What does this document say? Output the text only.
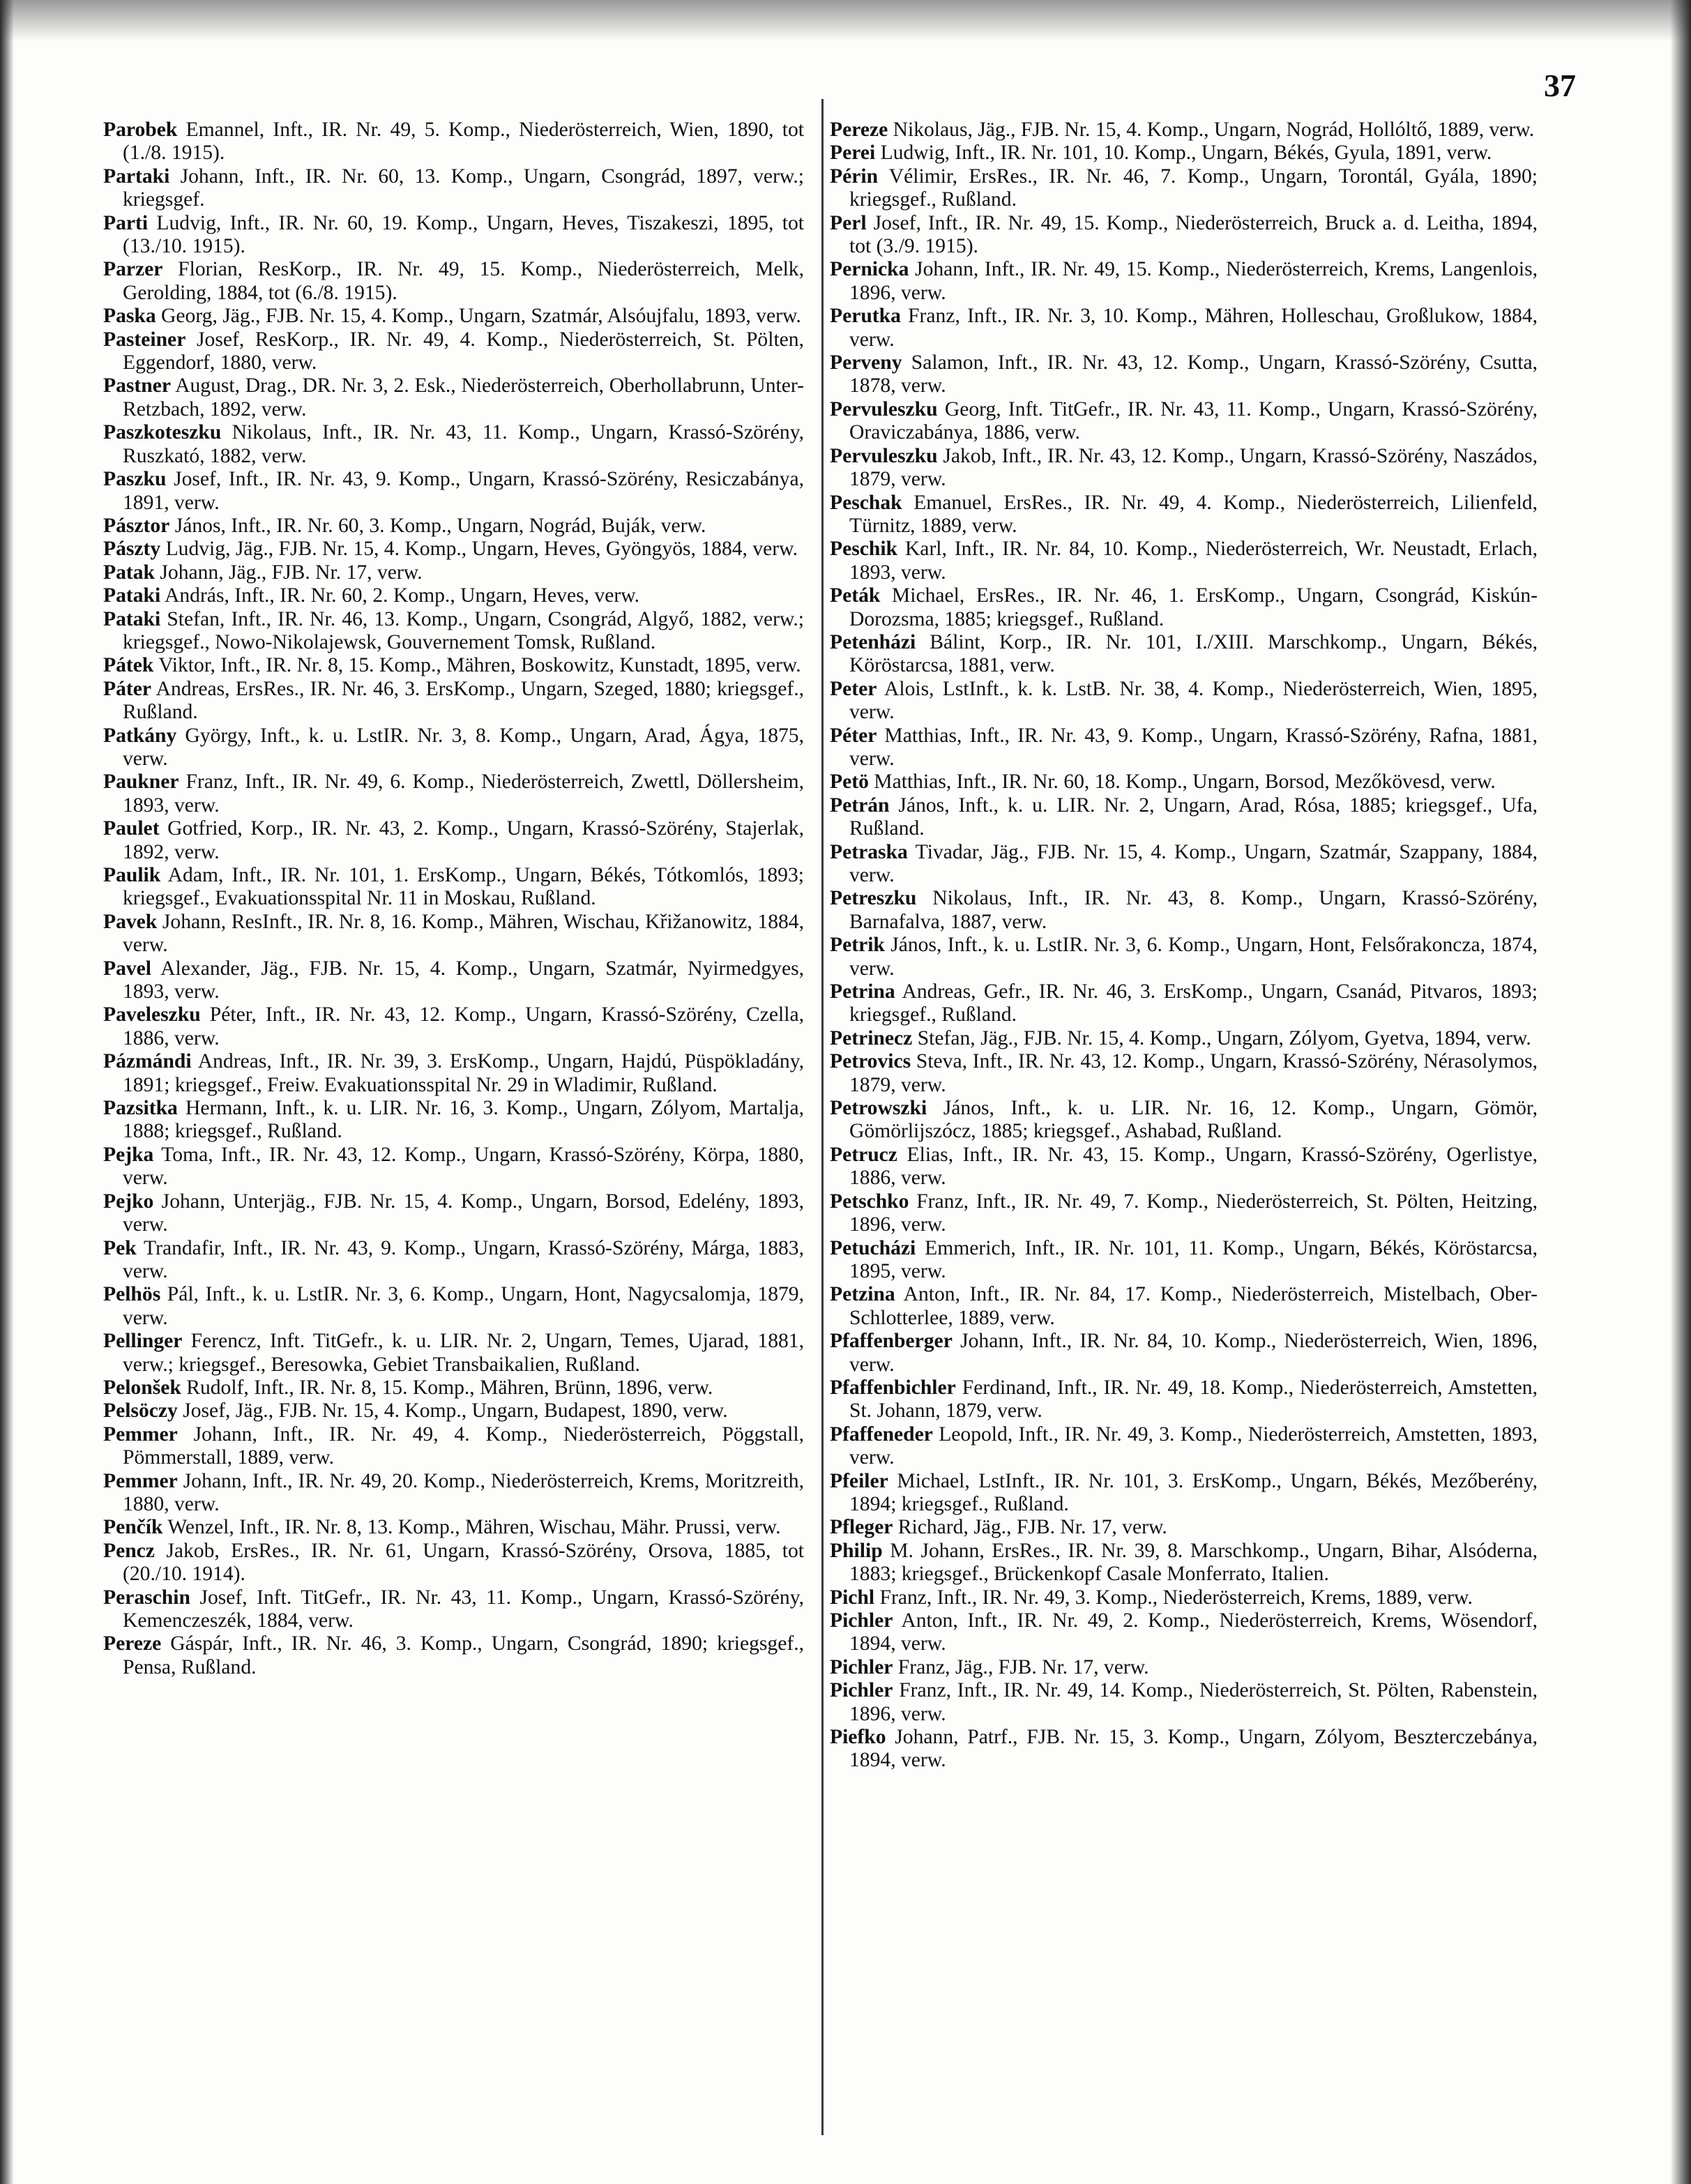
37

Parobek Emannel, Inft., IR. Nr. 49, 5. Komp., Niederösterreich, Wien, 1890, tot (1./8. 1915).

Partaki Johann, Inft., IR. Nr. 60, 13. Komp., Ungarn, Csongrád, 1897, verw.; kriegsgef.

Parti Ludvig, Inft., IR. Nr. 60, 19. Komp., Ungarn, Heves, Tiszakeszi, 1895, tot (13./10. 1915).

Parzer Florian, ResKorp., IR. Nr. 49, 15. Komp., Niederösterreich, Melk, Gerolding, 1884, tot (6./8. 1915).

Paska Georg, Jäg., FJB. Nr. 15, 4. Komp., Ungarn, Szatmár, Alsóujfalu, 1893, verw.

Pasteiner Josef, ResKorp., IR. Nr. 49, 4. Komp., Niederösterreich, St. Pölten, Eggendorf, 1880, verw.

Pastner August, Drag., DR. Nr. 3, 2. Esk., Niederösterreich, Oberhollabrunn, Unter-Retzbach, 1892, verw.

Paszkoteszku Nikolaus, Inft., IR. Nr. 43, 11. Komp., Ungarn, Krassó-Szörény, Ruszkató, 1882, verw.

Paszku Josef, Inft., IR. Nr. 43, 9. Komp., Ungarn, Krassó-Szörény, Resiczabánya, 1891, verw.

Pásztor János, Inft., IR. Nr. 60, 3. Komp., Ungarn, Nográd, Buják, verw.

Pászty Ludvig, Jäg., FJB. Nr. 15, 4. Komp., Ungarn, Heves, Gyöngyös, 1884, verw.

Patak Johann, Jäg., FJB. Nr. 17, verw.

Pataki András, Inft., IR. Nr. 60, 2. Komp., Ungarn, Heves, verw.

Pataki Stefan, Inft., IR. Nr. 46, 13. Komp., Ungarn, Csongrád, Algyő, 1882, verw.; kriegsgef., Nowo-Nikolajewsk, Gouvernement Tomsk, Rußland.

Pátek Viktor, Inft., IR. Nr. 8, 15. Komp., Mähren, Boskowitz, Kunstadt, 1895, verw.

Páter Andreas, ErsRes., IR. Nr. 46, 3. ErsKomp., Ungarn, Szeged, 1880; kriegsgef., Rußland.

Patkány György, Inft., k. u. LstIR. Nr. 3, 8. Komp., Ungarn, Arad, Ágya, 1875, verw.

Paukner Franz, Inft., IR. Nr. 49, 6. Komp., Niederösterreich, Zwettl, Döllersheim, 1893, verw.

Paulet Gotfried, Korp., IR. Nr. 43, 2. Komp., Ungarn, Krassó-Szörény, Stajerlak, 1892, verw.

Paulik Adam, Inft., IR. Nr. 101, 1. ErsKomp., Ungarn, Békés, Tótkomlós, 1893; kriegsgef., Evakuationsspital Nr. 11 in Moskau, Rußland.

Pavek Johann, ResInft., IR. Nr. 8, 16. Komp., Mähren, Wischau, Křižanowitz, 1884, verw.

Pavel Alexander, Jäg., FJB. Nr. 15, 4. Komp., Ungarn, Szatmár, Nyirmedgyes, 1893, verw.

Paveleszku Péter, Inft., IR. Nr. 43, 12. Komp., Ungarn, Krassó-Szörény, Czella, 1886, verw.

Pázmándi Andreas, Inft., IR. Nr. 39, 3. ErsKomp., Ungarn, Hajdú, Püspökladány, 1891; kriegsgef., Freiw. Evakuationsspital Nr. 29 in Wladimir, Rußland.

Pazsitka Hermann, Inft., k. u. LIR. Nr. 16, 3. Komp., Ungarn, Zólyom, Martalja, 1888; kriegsgef., Rußland.

Pejka Toma, Inft., IR. Nr. 43, 12. Komp., Ungarn, Krassó-Szörény, Körpa, 1880, verw.

Pejko Johann, Unterjäg., FJB. Nr. 15, 4. Komp., Ungarn, Borsod, Edelény, 1893, verw.

Pek Trandafir, Inft., IR. Nr. 43, 9. Komp., Ungarn, Krassó-Szörény, Márga, 1883, verw.

Pelhös Pál, Inft., k. u. LstIR. Nr. 3, 6. Komp., Ungarn, Hont, Nagycsalomja, 1879, verw.

Pellinger Ferencz, Inft. TitGefr., k. u. LIR. Nr. 2, Ungarn, Temes, Ujarad, 1881, verw.; kriegsgef., Beresowka, Gebiet Transbaikalien, Rußland.

Pelonšek Rudolf, Inft., IR. Nr. 8, 15. Komp., Mähren, Brünn, 1896, verw.

Pelsöczy Josef, Jäg., FJB. Nr. 15, 4. Komp., Ungarn, Budapest, 1890, verw.

Pemmer Johann, Inft., IR. Nr. 49, 4. Komp., Niederösterreich, Pöggstall, Pömmerstall, 1889, verw.

Pemmer Johann, Inft., IR. Nr. 49, 20. Komp., Niederösterreich, Krems, Moritzreith, 1880, verw.

Penčík Wenzel, Inft., IR. Nr. 8, 13. Komp., Mähren, Wischau, Mähr. Prussi, verw.

Pencz Jakob, ErsRes., IR. Nr. 61, Ungarn, Krassó-Szörény, Orsova, 1885, tot (20./10. 1914).

Peraschin Josef, Inft. TitGefr., IR. Nr. 43, 11. Komp., Ungarn, Krassó-Szörény, Kemenczeszék, 1884, verw.

Pereze Gáspár, Inft., IR. Nr. 46, 3. Komp., Ungarn, Csongrád, 1890; kriegsgef., Pensa, Rußland.

Pereze Nikolaus, Jäg., FJB. Nr. 15, 4. Komp., Ungarn, Nográd, Hollóltő, 1889, verw.

Perei Ludwig, Inft., IR. Nr. 101, 10. Komp., Ungarn, Békés, Gyula, 1891, verw.

Périn Vélimir, ErsRes., IR. Nr. 46, 7. Komp., Ungarn, Torontál, Gyála, 1890; kriegsgef., Rußland.

Perl Josef, Inft., IR. Nr. 49, 15. Komp., Niederösterreich, Bruck a. d. Leitha, 1894, tot (3./9. 1915).

Pernicka Johann, Inft., IR. Nr. 49, 15. Komp., Niederösterreich, Krems, Langenlois, 1896, verw.

Perutka Franz, Inft., IR. Nr. 3, 10. Komp., Mähren, Holleschau, Großlukow, 1884, verw.

Perveny Salamon, Inft., IR. Nr. 43, 12. Komp., Ungarn, Krassó-Szörény, Csutta, 1878, verw.

Pervuleszku Georg, Inft. TitGefr., IR. Nr. 43, 11. Komp., Ungarn, Krassó-Szörény, Oraviczabánya, 1886, verw.

Pervuleszku Jakob, Inft., IR. Nr. 43, 12. Komp., Ungarn, Krassó-Szörény, Naszádos, 1879, verw.

Peschak Emanuel, ErsRes., IR. Nr. 49, 4. Komp., Niederösterreich, Lilienfeld, Türnitz, 1889, verw.

Peschik Karl, Inft., IR. Nr. 84, 10. Komp., Niederösterreich, Wr. Neustadt, Erlach, 1893, verw.

Peták Michael, ErsRes., IR. Nr. 46, 1. ErsKomp., Ungarn, Csongrád, Kiskún-Dorozsma, 1885; kriegsgef., Rußland.

Petenházi Bálint, Korp., IR. Nr. 101, I./XIII. Marschkomp., Ungarn, Békés, Köröstarcsa, 1881, verw.

Peter Alois, LstInft., k. k. LstB. Nr. 38, 4. Komp., Niederösterreich, Wien, 1895, verw.

Péter Matthias, Inft., IR. Nr. 43, 9. Komp., Ungarn, Krassó-Szörény, Rafna, 1881, verw.

Petö Matthias, Inft., IR. Nr. 60, 18. Komp., Ungarn, Borsod, Mezőkövesd, verw.

Petrán János, Inft., k. u. LIR. Nr. 2, Ungarn, Arad, Rósa, 1885; kriegsgef., Ufa, Rußland.

Petraska Tivadar, Jäg., FJB. Nr. 15, 4. Komp., Ungarn, Szatmár, Szappany, 1884, verw.

Petreszku Nikolaus, Inft., IR. Nr. 43, 8. Komp., Ungarn, Krassó-Szörény, Barnafalva, 1887, verw.

Petrik János, Inft., k. u. LstIR. Nr. 3, 6. Komp., Ungarn, Hont, Felsőrakoncza, 1874, verw.

Petrina Andreas, Gefr., IR. Nr. 46, 3. ErsKomp., Ungarn, Csanád, Pitvaros, 1893; kriegsgef., Rußland.

Petrinecz Stefan, Jäg., FJB. Nr. 15, 4. Komp., Ungarn, Zólyom, Gyetva, 1894, verw.

Petrovics Steva, Inft., IR. Nr. 43, 12. Komp., Ungarn, Krassó-Szörény, Nérasolymos, 1879, verw.

Petrowszki János, Inft., k. u. LIR. Nr. 16, 12. Komp., Ungarn, Gömör, Gömörlijszócz, 1885; kriegsgef., Ashabad, Rußland.

Petrucz Elias, Inft., IR. Nr. 43, 15. Komp., Ungarn, Krassó-Szörény, Ogerlistye, 1886, verw.

Petschko Franz, Inft., IR. Nr. 49, 7. Komp., Niederösterreich, St. Pölten, Heitzing, 1896, verw.

Petucházi Emmerich, Inft., IR. Nr. 101, 11. Komp., Ungarn, Békés, Köröstarcsa, 1895, verw.

Petzina Anton, Inft., IR. Nr. 84, 17. Komp., Niederösterreich, Mistelbach, Ober-Schlotterlee, 1889, verw.

Pfaffenberger Johann, Inft., IR. Nr. 84, 10. Komp., Niederösterreich, Wien, 1896, verw.

Pfaffenbichler Ferdinand, Inft., IR. Nr. 49, 18. Komp., Niederösterreich, Amstetten, St. Johann, 1879, verw.

Pfaffeneder Leopold, Inft., IR. Nr. 49, 3. Komp., Niederösterreich, Amstetten, 1893, verw.

Pfeiler Michael, LstInft., IR. Nr. 101, 3. ErsKomp., Ungarn, Békés, Mezőberény, 1894; kriegsgef., Rußland.

Pfleger Richard, Jäg., FJB. Nr. 17, verw.

Philip M. Johann, ErsRes., IR. Nr. 39, 8. Marschkomp., Ungarn, Bihar, Alsóderna, 1883; kriegsgef., Brückenkopf Casale Monferrato, Italien.

Pichl Franz, Inft., IR. Nr. 49, 3. Komp., Niederösterreich, Krems, 1889, verw.

Pichler Anton, Inft., IR. Nr. 49, 2. Komp., Niederösterreich, Krems, Wösendorf, 1894, verw.

Pichler Franz, Jäg., FJB. Nr. 17, verw.

Pichler Franz, Inft., IR. Nr. 49, 14. Komp., Niederösterreich, St. Pölten, Rabenstein, 1896, verw.

Piefko Johann, Patrf., FJB. Nr. 15, 3. Komp., Ungarn, Zólyom, Beszterczebánya, 1894, verw.
